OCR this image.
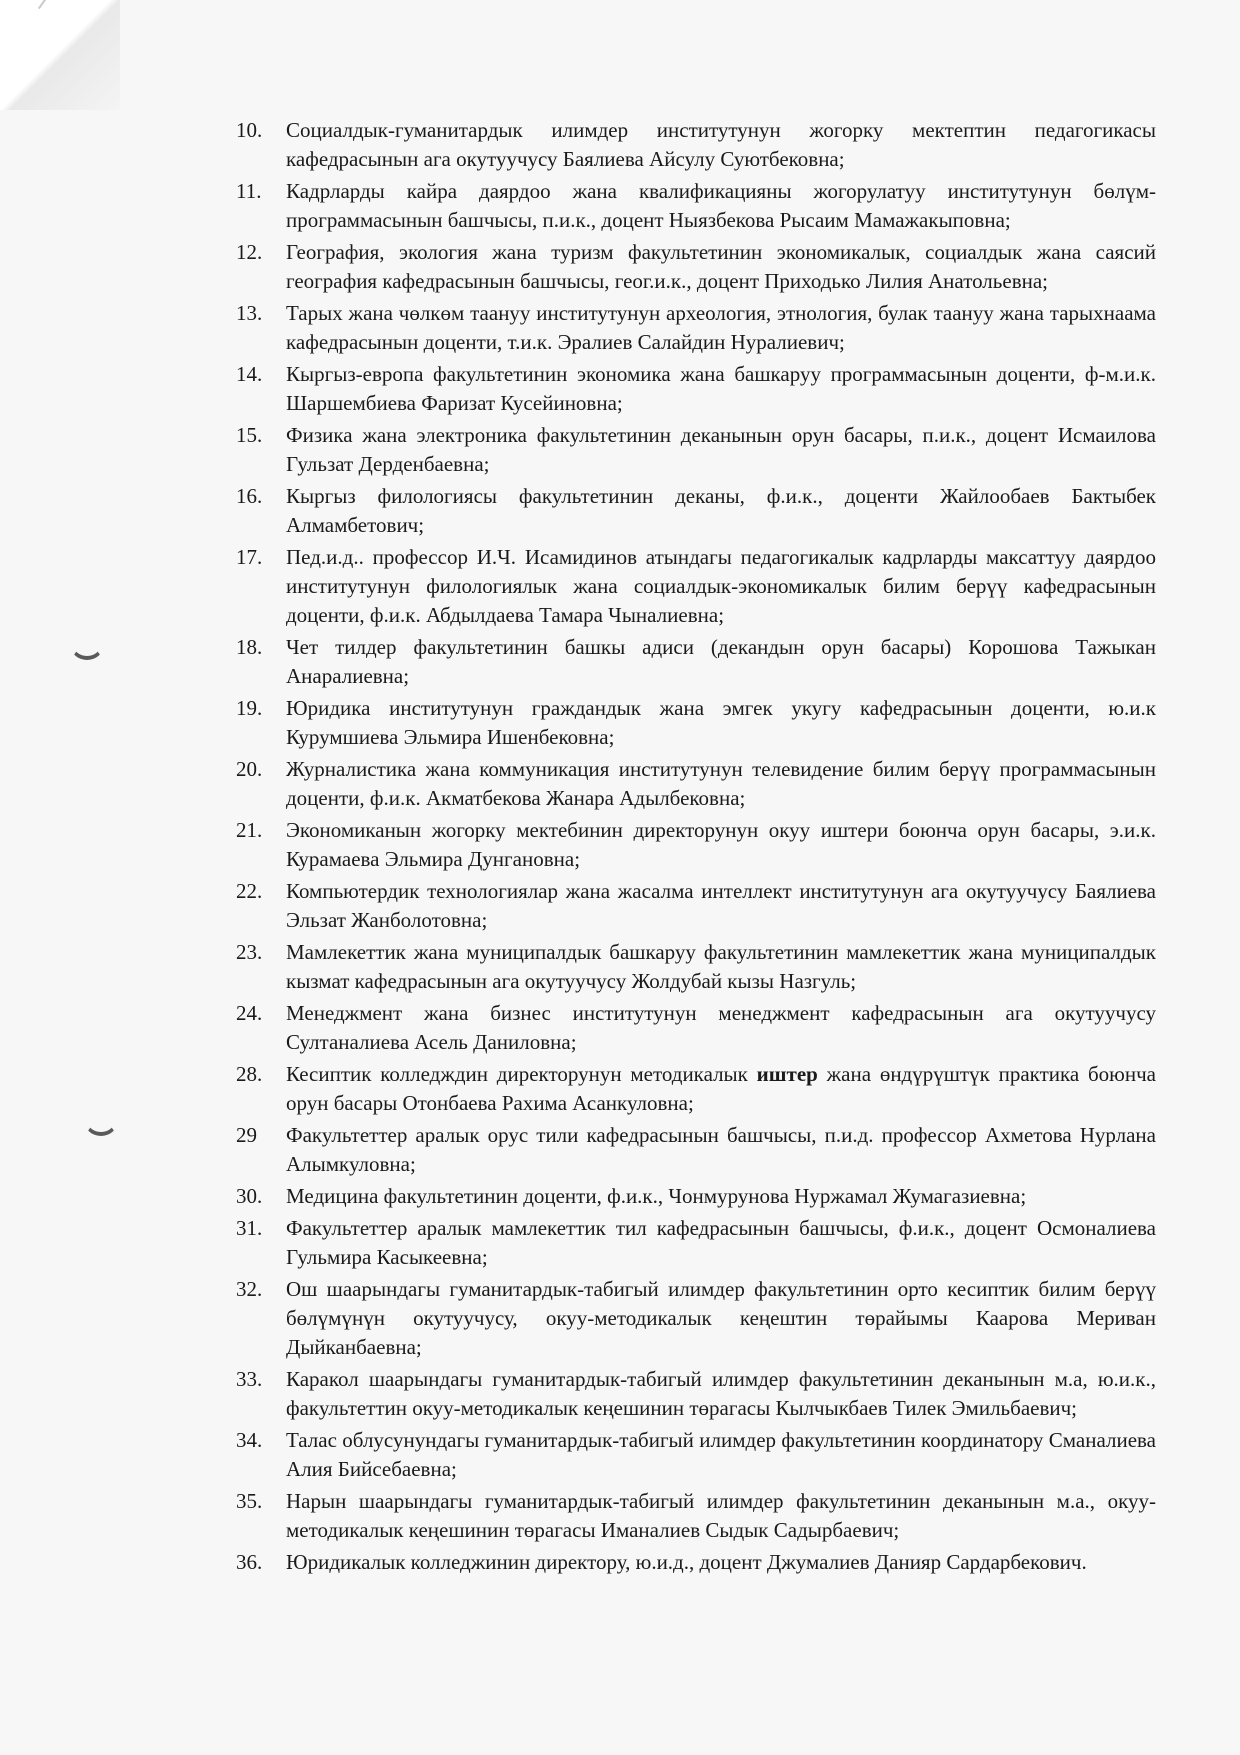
10.	Социалдык-гуманитардык илимдер институтунун жогорку мектептин педагогикасы кафедрасынын ага окутуучусу Баялиева Айсулу Суютбековна;
11.	Кадрларды кайра даярдоо жана квалификацияны жогорулатуу институтунун бөлүм-программасынын башчысы, п.и.к., доцент Ныязбекова Рысаим Мамажакыповна;
12.	География, экология жана туризм факультетинин экономикалык, социалдык жана саясий география кафедрасынын башчысы, геог.и.к., доцент Приходько Лилия Анатольевна;
13.	Тарых жана чөлкөм таануу институтунун археология, этнология, булак таануу жана тарыхнаама кафедрасынын доценти, т.и.к. Эралиев Салайдин Нуралиевич;
14.	Кыргыз-европа факультетинин экономика жана башкаруу программасынын доценти, ф-м.и.к. Шаршембиева Фаризат Кусейиновна;
15.	Физика жана электроника факультетинин деканынын орун басары, п.и.к., доцент Исмаилова Гульзат Дерденбаевна;
16.	Кыргыз филологиясы факультетинин деканы, ф.и.к., доценти Жайлообаев Бактыбек Алмамбетович;
17.	Пед.и.д.. профессор И.Ч. Исамидинов атындагы педагогикалык кадрларды максаттуу даярдоо институтунун филологиялык жана социалдык-экономикалык билим берүү кафедрасынын доценти, ф.и.к. Абдылдаева Тамара Чыналиевна;
18.	Чет тилдер факультетинин башкы адиси (декандын орун басары) Корошова Тажыкан Анаралиевна;
19.	Юридика институтунун граждандык жана эмгек укугу кафедрасынын доценти, ю.и.к Курумшиева Эльмира Ишенбековна;
20.	Журналистика жана коммуникация институтунун телевидение билим берүү программасынын доценти, ф.и.к. Акматбекова Жанара Адылбековна;
21.	Экономиканын жогорку мектебинин директорунун окуу иштери боюнча орун басары, э.и.к. Курамаева Эльмира Дунгановна;
22.	Компьютердик технологиялар жана жасалма интеллект институтунун ага окутуучусу Баялиева Эльзат Жанболотовна;
23.	Мамлекеттик жана муниципалдык башкаруу факультетинин мамлекеттик жана муниципалдык кызмат кафедрасынын ага окутуучусу Жолдубай кызы Назгуль;
24.	Менеджмент жана бизнес институтунун менеджмент кафедрасынын ага окутуучусу Султаналиева Асель Даниловна;
28.	Кесиптик колледждин директорунун методикалык иштер жана өндүрүштүк практика боюнча орун басары Отонбаева Рахима Асанкуловна;
29	Факультеттер аралык орус тили кафедрасынын башчысы, п.и.д. профессор Ахметова Нурлана Алымкуловна;
30.	Медицина факультетинин доценти, ф.и.к., Чонмурунова Нуржамал Жумагазиевна;
31.	Факультеттер аралык мамлекеттик тил кафедрасынын башчысы, ф.и.к., доцент Осмоналиева Гульмира Касыкеевна;
32.	Ош шаарындагы гуманитардык-табигый илимдер факультетинин орто кесиптик билим берүү бөлүмүнүн окутуучусу, окуу-методикалык кеңештин төрайымы Каарова Мериван Дыйканбаевна;
33.	Каракол шаарындагы гуманитардык-табигый илимдер факультетинин деканынын м.а, ю.и.к., факультеттин окуу-методикалык кеңешинин төрагасы Кылчыкбаев Тилек Эмильбаевич;
34.	Талас облусунундагы гуманитардык-табигый илимдер факультетинин координатору Сманалиева Алия Бийсебаевна;
35.	Нарын шаарындагы гуманитардык-табигый илимдер факультетинин деканынын м.а., окуу-методикалык кеңешинин төрагасы Иманалиев Сыдык Садырбаевич;
36.	Юридикалык колледжинин директору, ю.и.д., доцент Джумалиев Данияр Сардарбекович.
